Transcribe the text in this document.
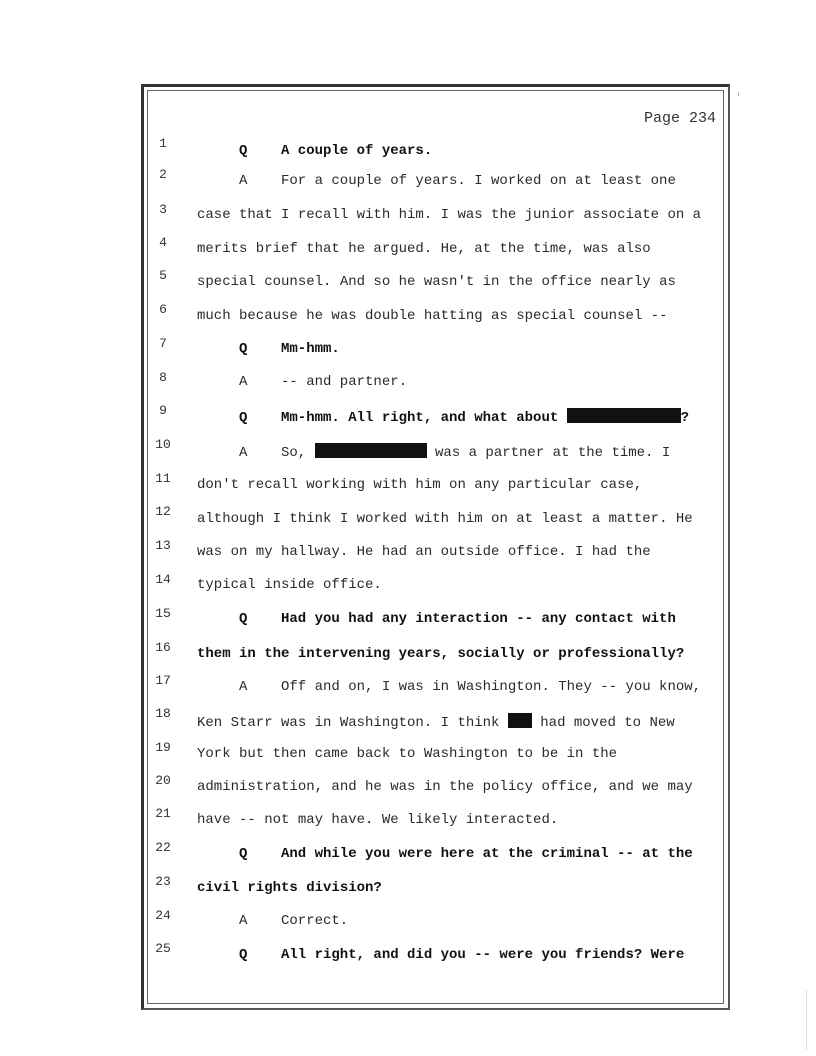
Page 234
1	Q A couple of years.
2	A For a couple of years. I worked on at least one
3	case that I recall with him. I was the junior associate on a
4	merits brief that he argued. He, at the time, was also
5	special counsel. And so he wasn't in the office nearly as
6	much because he was double hatting as special counsel --
7	Q Mm-hmm.
8	A -- and partner.
9	Q Mm-hmm. All right, and what about	?
10
A So,	was a partner at the time. I
11	don't recall working with him on any particular case,
12	although I think I worked with him on at least a matter. He
13	was on my hallway. He had an outside office. I had the
14	typical inside office.
15	Q Had you had any interaction -- any contact with
16	them in the intervening years, socially or professionally?
17	A Off and on, I was in Washington. They -- you know,
18
Ken Starr was in Washington. I think  had moved to New
19	York but then came back to Washington to be in the
20	administration, and he was in the policy office, and we may
21	have -- not may have. We likely interacted.
22	Q And while you were here at the criminal -- at the
23	civil rights division?
24	A Correct.
25	Q All right, and did you -- were you friends? Were
